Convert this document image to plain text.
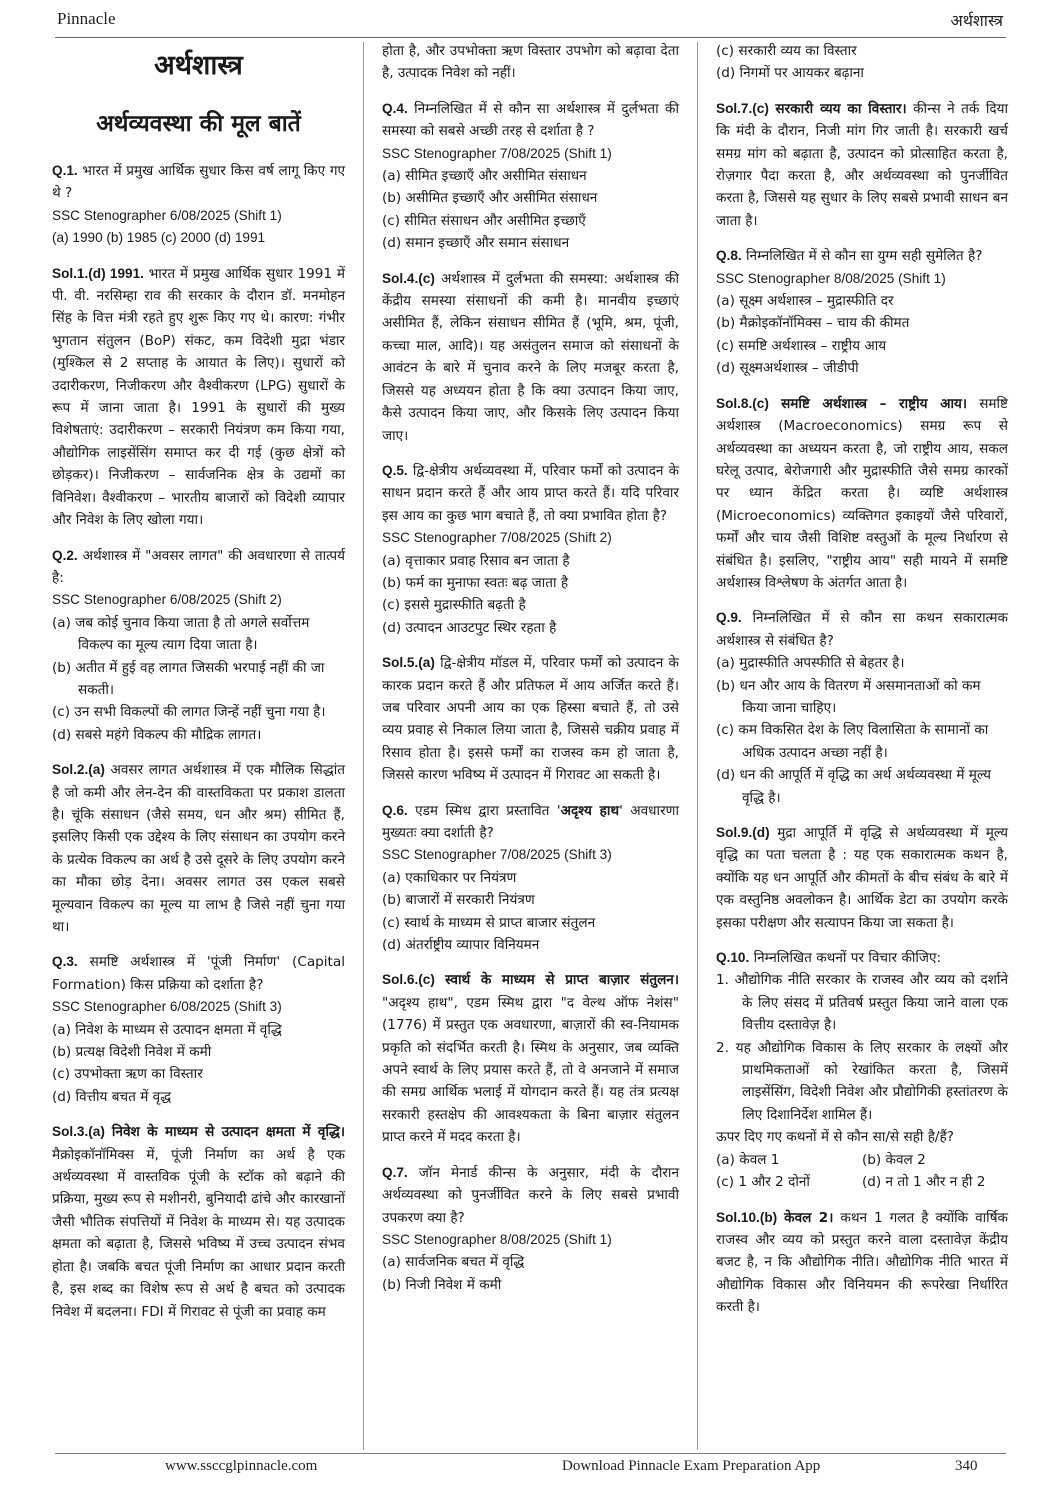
Pinnacle	अर्थशास्त्र
अर्थशास्त्र
अर्थव्यवस्था की मूल बातें
Q.1. भारत में प्रमुख आर्थिक सुधार किस वर्ष लागू किए गए थे ?
SSC Stenographer 6/08/2025 (Shift 1)
(a) 1990 (b) 1985 (c) 2000 (d) 1991
Sol.1.(d) 1991. भारत में प्रमुख आर्थिक सुधार 1991 में पी. वी. नरसिम्हा राव की सरकार के दौरान डॉ. मनमोहन सिंह के वित्त मंत्री रहते हुए शुरू किए गए थे। कारण: गंभीर भुगतान संतुलन (BoP) संकट, कम विदेशी मुद्रा भंडार (मुश्किल से 2 सप्ताह के आयात के लिए)। सुधारों को उदारीकरण, निजीकरण और वैश्वीकरण (LPG) सुधारों के रूप में जाना जाता है। 1991 के सुधारों की मुख्य विशेषताएं: उदारीकरण – सरकारी नियंत्रण कम किया गया, औद्योगिक लाइसेंसिंग समाप्त कर दी गई (कुछ क्षेत्रों को छोड़कर)। निजीकरण – सार्वजनिक क्षेत्र के उद्यमों का विनिवेश। वैश्वीकरण – भारतीय बाजारों को विदेशी व्यापार और निवेश के लिए खोला गया।
Q.2. अर्थशास्त्र में "अवसर लागत" की अवधारणा से तात्पर्य है:
SSC Stenographer 6/08/2025 (Shift 2)
(a) जब कोई चुनाव किया जाता है तो अगले सर्वोत्तम विकल्प का मूल्य त्याग दिया जाता है।
(b) अतीत में हुई वह लागत जिसकी भरपाई नहीं की जा सकती।
(c) उन सभी विकल्पों की लागत जिन्हें नहीं चुना गया है।
(d) सबसे महंगे विकल्प की मौद्रिक लागत।
Sol.2.(a) अवसर लागत अर्थशास्त्र में एक मौलिक सिद्धांत है जो कमी और लेन-देन की वास्तविकता पर प्रकाश डालता है। चूंकि संसाधन (जैसे समय, धन और श्रम) सीमित हैं, इसलिए किसी एक उद्देश्य के लिए संसाधन का उपयोग करने के प्रत्येक विकल्प का अर्थ है उसे दूसरे के लिए उपयोग करने का मौका छोड़ देना। अवसर लागत उस एकल सबसे मूल्यवान विकल्प का मूल्य या लाभ है जिसे नहीं चुना गया था।
Q.3. समष्टि अर्थशास्त्र में 'पूंजी निर्माण' (Capital Formation) किस प्रक्रिया को दर्शाता है?
SSC Stenographer 6/08/2025 (Shift 3)
(a) निवेश के माध्यम से उत्पादन क्षमता में वृद्धि
(b) प्रत्यक्ष विदेशी निवेश में कमी
(c) उपभोक्ता ऋण का विस्तार
(d) वित्तीय बचत में वृद्ध
Sol.3.(a) निवेश के माध्यम से उत्पादन क्षमता में वृद्धि। मैक्रोइकॉनॉमिक्स में, पूंजी निर्माण का अर्थ है एक अर्थव्यवस्था में वास्तविक पूंजी के स्टॉक को बढ़ाने की प्रक्रिया, मुख्य रूप से मशीनरी, बुनियादी ढांचे और कारखानों जैसी भौतिक संपत्तियों में निवेश के माध्यम से। यह उत्पादक क्षमता को बढ़ाता है, जिससे भविष्य में उच्च उत्पादन संभव होता है। जबकि बचत पूंजी निर्माण का आधार प्रदान करती है, इस शब्द का विशेष रूप से अर्थ है बचत को उत्पादक निवेश में बदलना। FDI में गिरावट से पूंजी का प्रवाह कम
होता है, और उपभोक्ता ऋण विस्तार उपभोग को बढ़ावा देता है, उत्पादक निवेश को नहीं।
Q.4. निम्नलिखित में से कौन सा अर्थशास्त्र में दुर्लभता की समस्या को सबसे अच्छी तरह से दर्शाता है ?
SSC Stenographer 7/08/2025 (Shift 1)
(a) सीमित इच्छाएँ और असीमित संसाधन
(b) असीमित इच्छाएँ और असीमित संसाधन
(c) सीमित संसाधन और असीमित इच्छाएँ
(d) समान इच्छाएँ और समान संसाधन
Sol.4.(c) अर्थशास्त्र में दुर्लभता की समस्या: अर्थशास्त्र की केंद्रीय समस्या संसाधनों की कमी है। मानवीय इच्छाएं असीमित हैं, लेकिन संसाधन सीमित हैं (भूमि, श्रम, पूंजी, कच्चा माल, आदि)। यह असंतुलन समाज को संसाधनों के आवंटन के बारे में चुनाव करने के लिए मजबूर करता है, जिससे यह अध्ययन होता है कि क्या उत्पादन किया जाए, कैसे उत्पादन किया जाए, और किसके लिए उत्पादन किया जाए।
Q.5. द्वि-क्षेत्रीय अर्थव्यवस्था में, परिवार फर्मों को उत्पादन के साधन प्रदान करते हैं और आय प्राप्त करते हैं। यदि परिवार इस आय का कुछ भाग बचाते हैं, तो क्या प्रभावित होता है?
SSC Stenographer 7/08/2025 (Shift 2)
(a) वृत्ताकार प्रवाह रिसाव बन जाता है
(b) फर्म का मुनाफा स्वतः बढ़ जाता है
(c) इससे मुद्रास्फीति बढ़ती है
(d) उत्पादन आउटपुट स्थिर रहता है
Sol.5.(a) द्वि-क्षेत्रीय मॉडल में, परिवार फर्मों को उत्पादन के कारक प्रदान करते हैं और प्रतिफल में आय अर्जित करते हैं। जब परिवार अपनी आय का एक हिस्सा बचाते हैं, तो उसे व्यय प्रवाह से निकाल लिया जाता है, जिससे चक्रीय प्रवाह में रिसाव होता है। इससे फर्मों का राजस्व कम हो जाता है, जिससे कारण भविष्य में उत्पादन में गिरावट आ सकती है।
Q.6. एडम स्मिथ द्वारा प्रस्तावित 'अदृश्य हाथ' अवधारणा मुख्यतः क्या दर्शाती है?
SSC Stenographer 7/08/2025 (Shift 3)
(a) एकाधिकार पर नियंत्रण
(b) बाजारों में सरकारी नियंत्रण
(c) स्वार्थ के माध्यम से प्राप्त बाजार संतुलन
(d) अंतर्राष्ट्रीय व्यापार विनियमन
Sol.6.(c) स्वार्थ के माध्यम से प्राप्त बाज़ार संतुलन। "अदृश्य हाथ", एडम स्मिथ द्वारा "द वेल्थ ऑफ नेशंस" (1776) में प्रस्तुत एक अवधारणा, बाज़ारों की स्व-नियामक प्रकृति को संदर्भित करती है। स्मिथ के अनुसार, जब व्यक्ति अपने स्वार्थ के लिए प्रयास करते हैं, तो वे अनजाने में समाज की समग्र आर्थिक भलाई में योगदान करते हैं। यह तंत्र प्रत्यक्ष सरकारी हस्तक्षेप की आवश्यकता के बिना बाज़ार संतुलन प्राप्त करने में मदद करता है।
Q.7. जॉन मेनार्ड कीन्स के अनुसार, मंदी के दौरान अर्थव्यवस्था को पुनर्जीवित करने के लिए सबसे प्रभावी उपकरण क्या है?
SSC Stenographer 8/08/2025 (Shift 1)
(a) सार्वजनिक बचत में वृद्धि
(b) निजी निवेश में कमी
(c) सरकारी व्यय का विस्तार
(d) निगमों पर आयकर बढ़ाना
Sol.7.(c) सरकारी व्यय का विस्तार। कीन्स ने तर्क दिया कि मंदी के दौरान, निजी मांग गिर जाती है। सरकारी खर्च समग्र मांग को बढ़ाता है, उत्पादन को प्रोत्साहित करता है, रोज़गार पैदा करता है, और अर्थव्यवस्था को पुनर्जीवित करता है, जिससे यह सुधार के लिए सबसे प्रभावी साधन बन जाता है।
Q.8. निम्नलिखित में से कौन सा युग्म सही सुमेलित है?
SSC Stenographer 8/08/2025 (Shift 1)
(a) सूक्ष्म अर्थशास्त्र – मुद्रास्फीति दर
(b) मैक्रोइकॉनॉमिक्स – चाय की कीमत
(c) समष्टि अर्थशास्त्र – राष्ट्रीय आय
(d) सूक्ष्मअर्थशास्त्र – जीडीपी
Sol.8.(c) समष्टि अर्थशास्त्र – राष्ट्रीय आय। समष्टि अर्थशास्त्र (Macroeconomics) समग्र रूप से अर्थव्यवस्था का अध्ययन करता है, जो राष्ट्रीय आय, सकल घरेलू उत्पाद, बेरोजगारी और मुद्रास्फीति जैसे समग्र कारकों पर ध्यान केंद्रित करता है। व्यष्टि अर्थशास्त्र (Microeconomics) व्यक्तिगत इकाइयों जैसे परिवारों, फर्मों और चाय जैसी विशिष्ट वस्तुओं के मूल्य निर्धारण से संबंधित है। इसलिए, "राष्ट्रीय आय" सही मायने में समष्टि अर्थशास्त्र विश्लेषण के अंतर्गत आता है।
Q.9. निम्नलिखित में से कौन सा कथन सकारात्मक अर्थशास्त्र से संबंधित है?
(a) मुद्रास्फीति अपस्फीति से बेहतर है।
(b) धन और आय के वितरण में असमानताओं को कम किया जाना चाहिए।
(c) कम विकसित देश के लिए विलासिता के सामानों का अधिक उत्पादन अच्छा नहीं है।
(d) धन की आपूर्ति में वृद्धि का अर्थ अर्थव्यवस्था में मूल्य वृद्धि है।
Sol.9.(d) मुद्रा आपूर्ति में वृद्धि से अर्थव्यवस्था में मूल्य वृद्धि का पता चलता है : यह एक सकारात्मक कथन है, क्योंकि यह धन आपूर्ति और कीमतों के बीच संबंध के बारे में एक वस्तुनिष्ठ अवलोकन है। आर्थिक डेटा का उपयोग करके इसका परीक्षण और सत्यापन किया जा सकता है।
Q.10. निम्नलिखित कथनों पर विचार कीजिए:
1. औद्योगिक नीति सरकार के राजस्व और व्यय को दर्शाने के लिए संसद में प्रतिवर्ष प्रस्तुत किया जाने वाला एक वित्तीय दस्तावेज़ है।
2. यह औद्योगिक विकास के लिए सरकार के लक्ष्यों और प्राथमिकताओं को रेखांकित करता है, जिसमें लाइसेंसिंग, विदेशी निवेश और प्रौद्योगिकी हस्तांतरण के लिए दिशानिर्देश शामिल हैं।
ऊपर दिए गए कथनों में से कौन सा/से सही है/हैं?
(a) केवल 1	(b) केवल 2
(c) 1 और 2 दोनों	(d) न तो 1 और न ही 2
Sol.10.(b) केवल 2। कथन 1 गलत है क्योंकि वार्षिक राजस्व और व्यय को प्रस्तुत करने वाला दस्तावेज़ केंद्रीय बजट है, न कि औद्योगिक नीति। औद्योगिक नीति भारत में औद्योगिक विकास और विनियमन की रूपरेखा निर्धारित करती है।
www.ssccglpinnacle.com	Download Pinnacle Exam Preparation App	340
